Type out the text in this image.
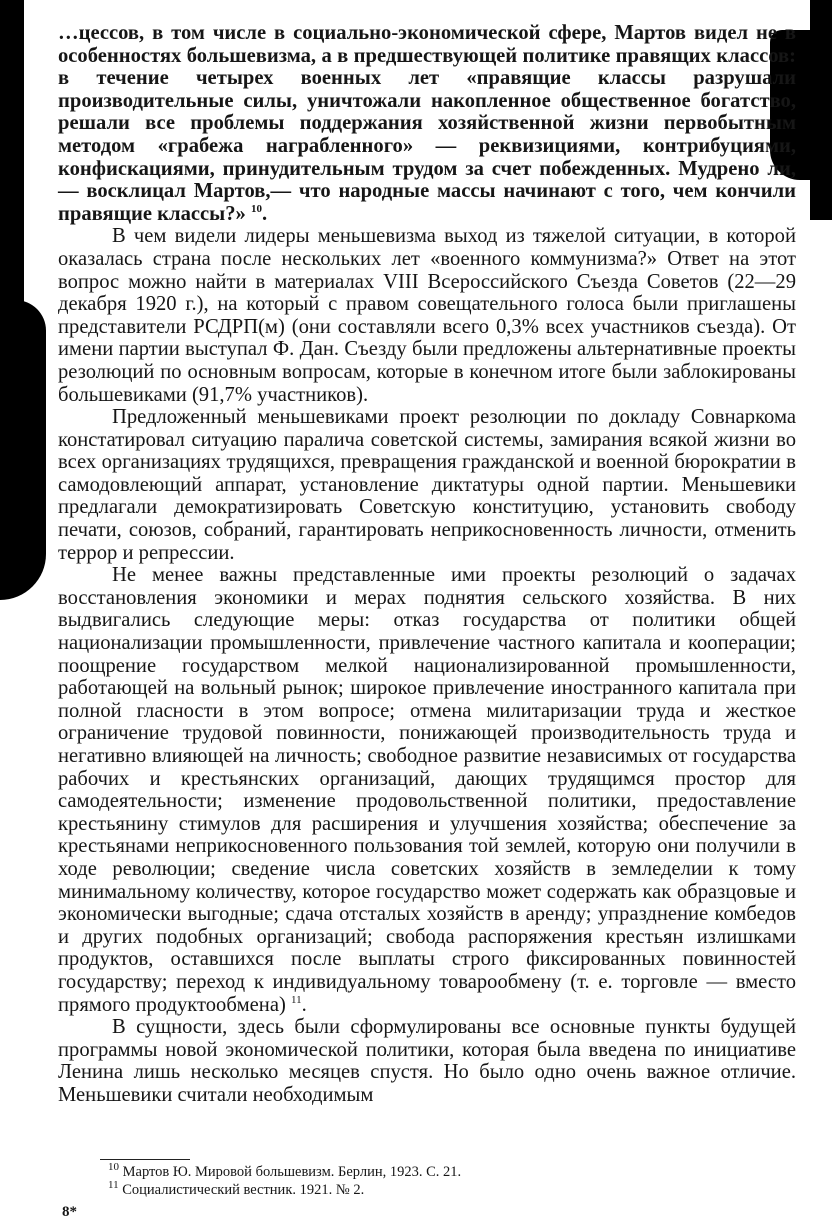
…цессов, в том числе в социально-экономической сфере, Мартов видел не в особенностях большевизма, а в предшествующей политике правящих классов: в течение четырех военных лет «правящие классы разрушали производительные силы, уничтожали накопленное общественное богатство, решали все проблемы поддержания хозяйственной жизни первобытным методом «грабежа награбленного» — реквизициями, контрибуциями, конфискациями, принудительным трудом за счет побежденных. Мудрено ли,— восклицал Мартов,— что народные массы начинают с того, чем кончили правящие классы?» $^{10}$.

В чем видели лидеры меньшевизма выход из тяжелой ситуации, в которой оказалась страна после нескольких лет «военного коммунизма?» Ответ на этот вопрос можно найти в материалах VIII Всероссийского Съезда Советов (22—29 декабря 1920 г.), на который с правом совещательного голоса были приглашены представители РСДРП(м) (они составляли всего 0,3% всех участников съезда). От имени партии выступал Ф. Дан. Съезду были предложены альтернативные проекты резолюций по основным вопросам, которые в конечном итоге были заблокированы большевиками (91,7% участников).

Предложенный меньшевиками проект резолюции по докладу Совнаркома констатировал ситуацию паралича советской системы, замирания всякой жизни во всех организациях трудящихся, превращения гражданской и военной бюрократии в самодовлеющий аппарат, установление диктатуры одной партии. Меньшевики предлагали демократизировать Советскую конституцию, установить свободу печати, союзов, собраний, гарантировать неприкосновенность личности, отменить террор и репрессии.

Не менее важны представленные ими проекты резолюций о задачах восстановления экономики и мерах поднятия сельского хозяйства. В них выдвигались следующие меры: отказ государства от политики общей национализации промышленности, привлечение частного капитала и кооперации; поощрение государством мелкой национализированной промышленности, работающей на вольный рынок; широкое привлечение иностранного капитала при полной гласности в этом вопросе; отмена милитаризации труда и жесткое ограничение трудовой повинности, понижающей производительность труда и негативно влияющей на личность; свободное развитие независимых от государства рабочих и крестьянских организаций, дающих трудящимся простор для самодеятельности; изменение продовольственной политики, предоставление крестьянину стимулов для расширения и улучшения хозяйства; обеспечение за крестьянами неприкосновенного пользования той землей, которую они получили в ходе революции; сведение числа советских хозяйств в земледелии к тому минимальному количеству, которое государство может содержать как образцовые и экономически выгодные; сдача отсталых хозяйств в аренду; упразднение комбедов и других подобных организаций; свобода распоряжения крестьян излишками продуктов, оставшихся после выплаты строго фиксированных повинностей государству; переход к индивидуальному товарообмену (т. е. торговле — вместо прямого продуктообмена) $^{11}$.

В сущности, здесь были сформулированы все основные пункты будущей программы новой экономической политики, которая была введена по инициативе Ленина лишь несколько месяцев спустя. Но было одно очень важное отличие. Меньшевики считали необходимым

$^{10}$ Мартов Ю. Мировой большевизм. Берлин, 1923. С. 21.
$^{11}$ Социалистический вестник. 1921. № 2.
8*
